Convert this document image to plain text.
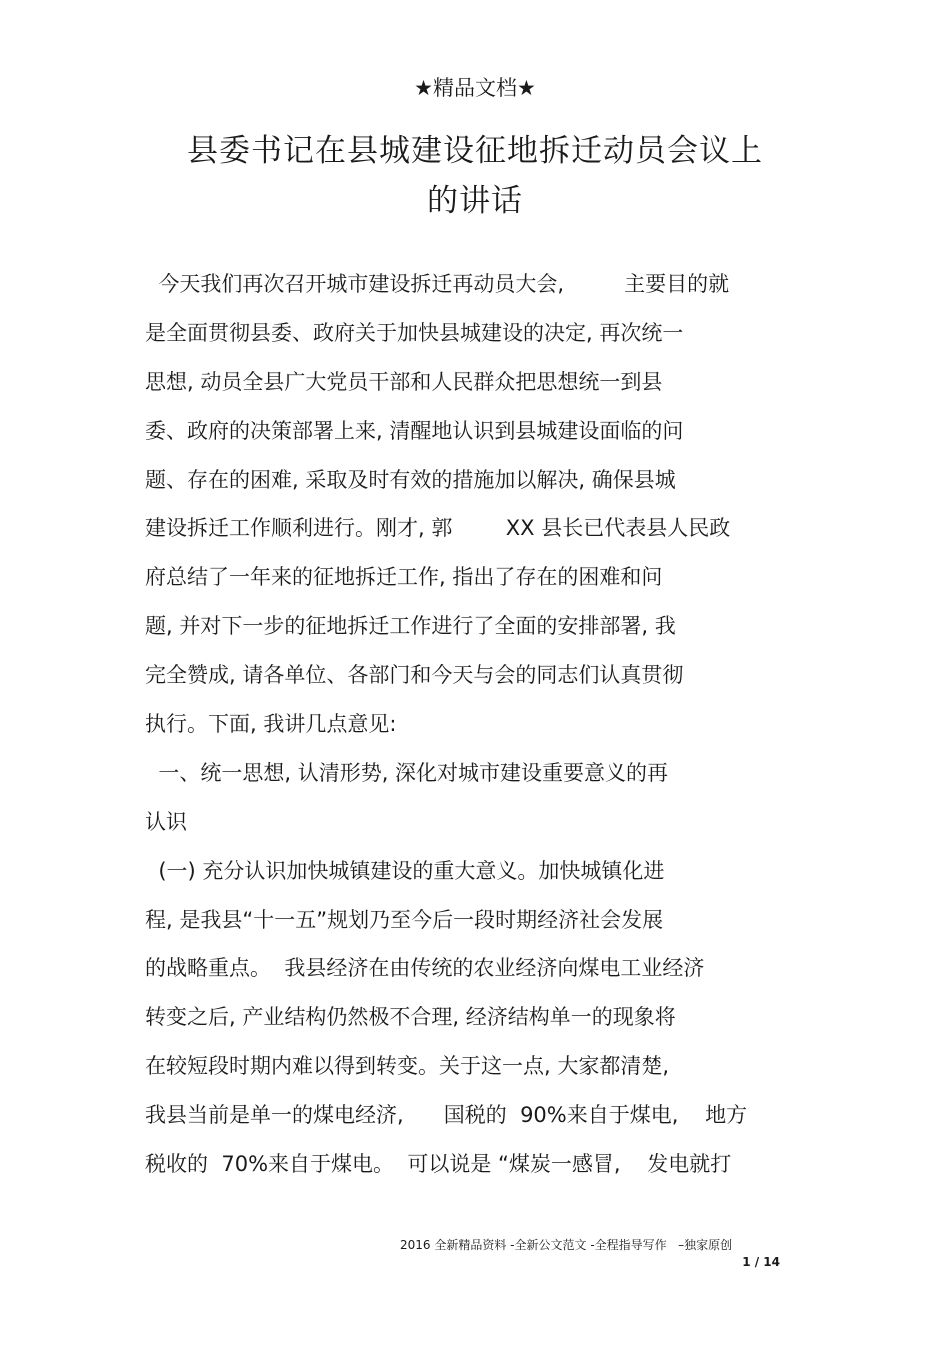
★精品文档★
县委书记在县城建设征地拆迁动员会议上
的讲话
今天我们再次召开城市建设拆迁再动员大会,         主要目的就
是全面贯彻县委、政府关于加快县城建设的决定, 再次统一
思想, 动员全县广大党员干部和人民群众把思想统一到县
委、政府的决策部署上来, 清醒地认识到县城建设面临的问
题、存在的困难, 采取及时有效的措施加以解决, 确保县城
建设拆迁工作顺利进行。刚才, 郭        XX 县长已代表县人民政
府总结了一年来的征地拆迁工作, 指出了存在的困难和问
题, 并对下一步的征地拆迁工作进行了全面的安排部署, 我
完全赞成, 请各单位、各部门和今天与会的同志们认真贯彻
执行。下面, 我讲几点意见:
一、统一思想, 认清形势, 深化对城市建设重要意义的再
认识
(一) 充分认识加快城镇建设的重大意义。加快城镇化进
程, 是我县“十一五”规划乃至今后一段时期经济社会发展
的战略重点。  我县经济在由传统的农业经济向煤电工业经济
转变之后, 产业结构仍然极不合理, 经济结构单一的现象将
在较短段时期内难以得到转变。关于这一点, 大家都清楚,
我县当前是单一的煤电经济,      国税的  90%来自于煤电,    地方
税收的  70%来自于煤电。  可以说是 “煤炭一感冒,    发电就打
2016 全新精品资料 -全新公文范文 -全程指导写作   –独家原创
1 / 14
